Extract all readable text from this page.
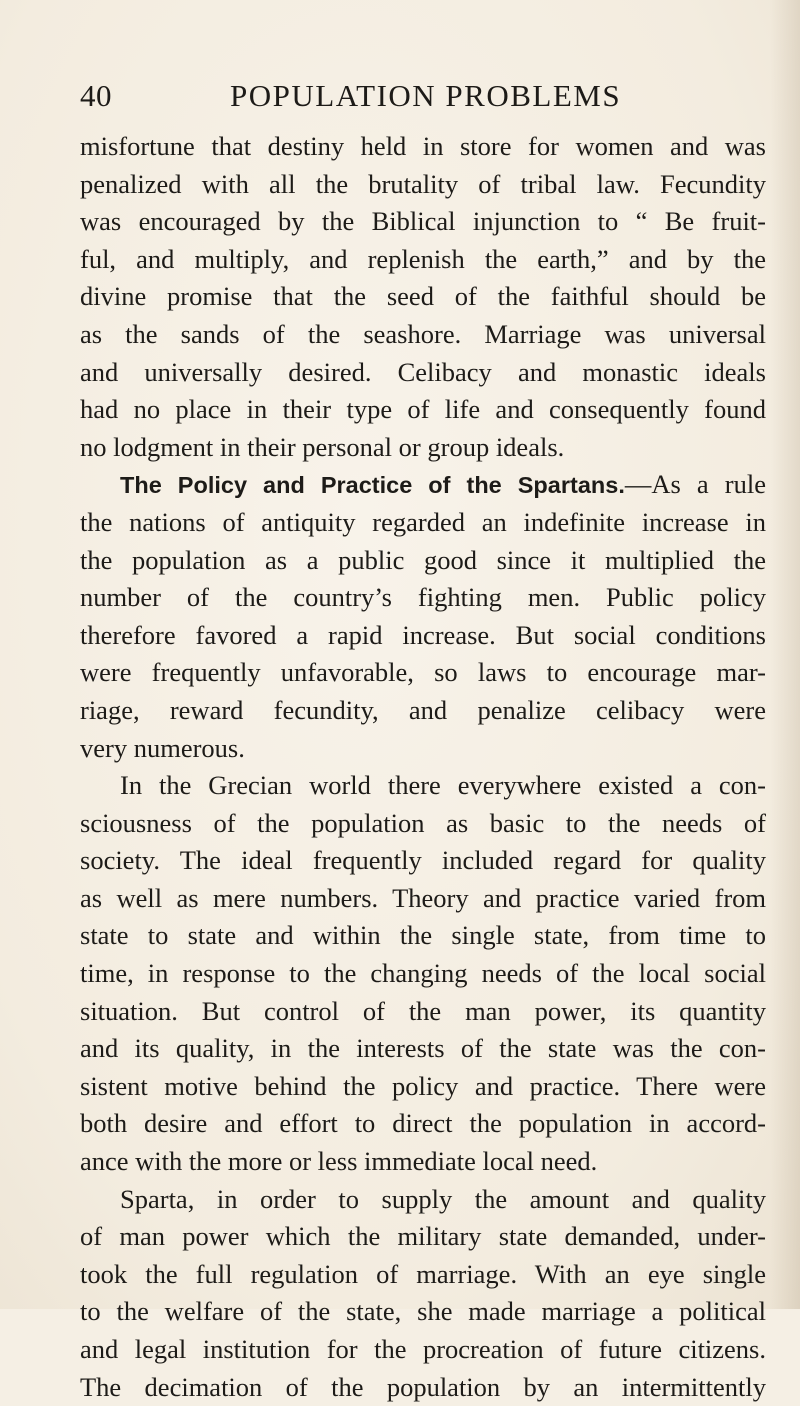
40	POPULATION PROBLEMS
misfortune that destiny held in store for women and was
penalized with all the brutality of tribal law. Fecundity
was encouraged by the Biblical injunction to “ Be fruit-
ful, and multiply, and replenish the earth,” and by the
divine promise that the seed of the faithful should be
as the sands of the seashore. Marriage was universal
and universally desired. Celibacy and monastic ideals
had no place in their type of life and consequently found
no lodgment in their personal or group ideals.
The Policy and Practice of the Spartans.—As a rule
the nations of antiquity regarded an indefinite increase in
the population as a public good since it multiplied the
number of the country’s fighting men. Public policy
therefore favored a rapid increase. But social conditions
were frequently unfavorable, so laws to encourage mar-
riage, reward fecundity, and penalize celibacy were
very numerous.
In the Grecian world there everywhere existed a con-
sciousness of the population as basic to the needs of
society. The ideal frequently included regard for quality
as well as mere numbers. Theory and practice varied from
state to state and within the single state, from time to
time, in response to the changing needs of the local social
situation. But control of the man power, its quantity
and its quality, in the interests of the state was the con-
sistent motive behind the policy and practice. There were
both desire and effort to direct the population in accord-
ance with the more or less immediate local need.
Sparta, in order to supply the amount and quality
of man power which the military state demanded, under-
took the full regulation of marriage. With an eye single
to the welfare of the state, she made marriage a political
and legal institution for the procreation of future citizens.
The decimation of the population by an intermittently
